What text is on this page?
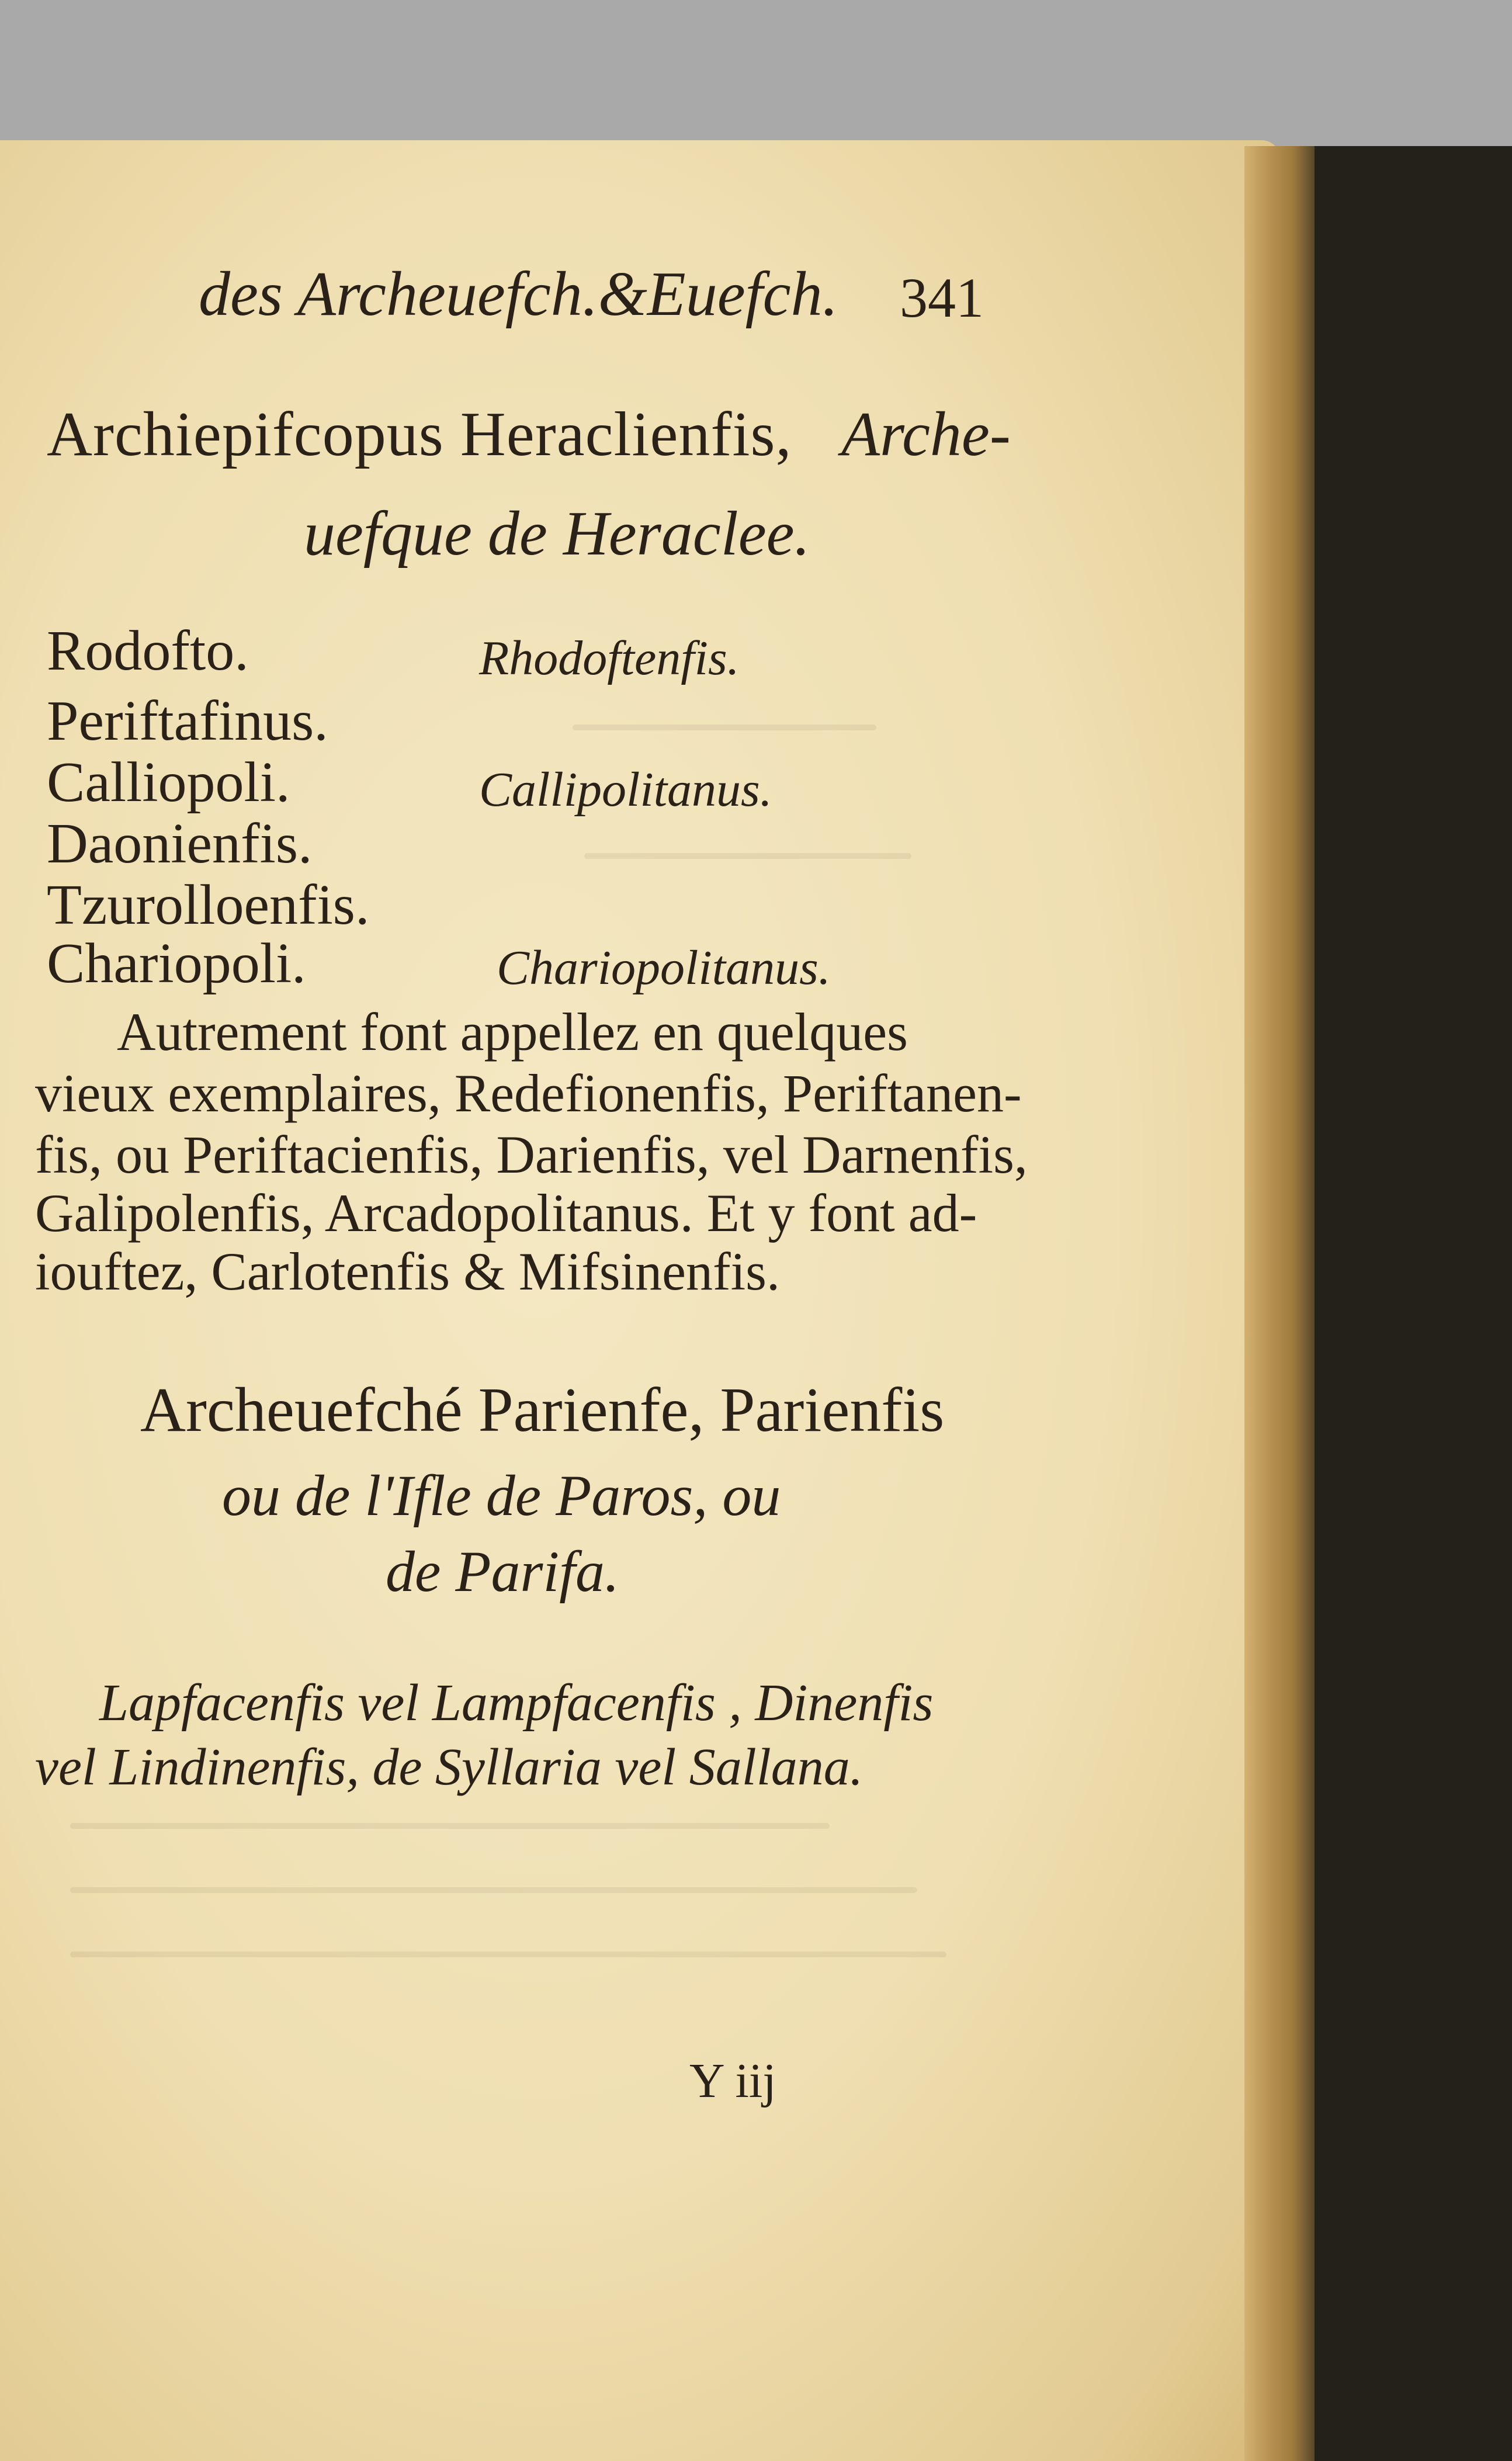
des Archeuefch.&Euefch. 341
Archiepifcopus Heraclienfis, Arche-
uefque de Heraclee.
Rodofto.	Rhodoftenfis.
Periftafinus.
Calliopoli.	Callipolitanus.
Daonienfis.
Tzurolloenfis.
Chariopoli.	Chariopolitanus.
Autrement font appellez en quelques
vieux exemplaires, Redefionenfis, Periftanen-
fis, ou Periftacienfis, Darienfis, vel Darnenfis,
Galipolenfis, Arcadopolitanus. Et y font ad-
iouftez, Carlotenfis & Mifsinenfis.
Archeuefché Parienfe, Parienfis
ou de l'Ifle de Paros, ou
de Parifa.
Lapfacenfis vel Lampfacenfis , Dinenfis
vel Lindinenfis, de Syllaria vel Sallana.
Y iij
